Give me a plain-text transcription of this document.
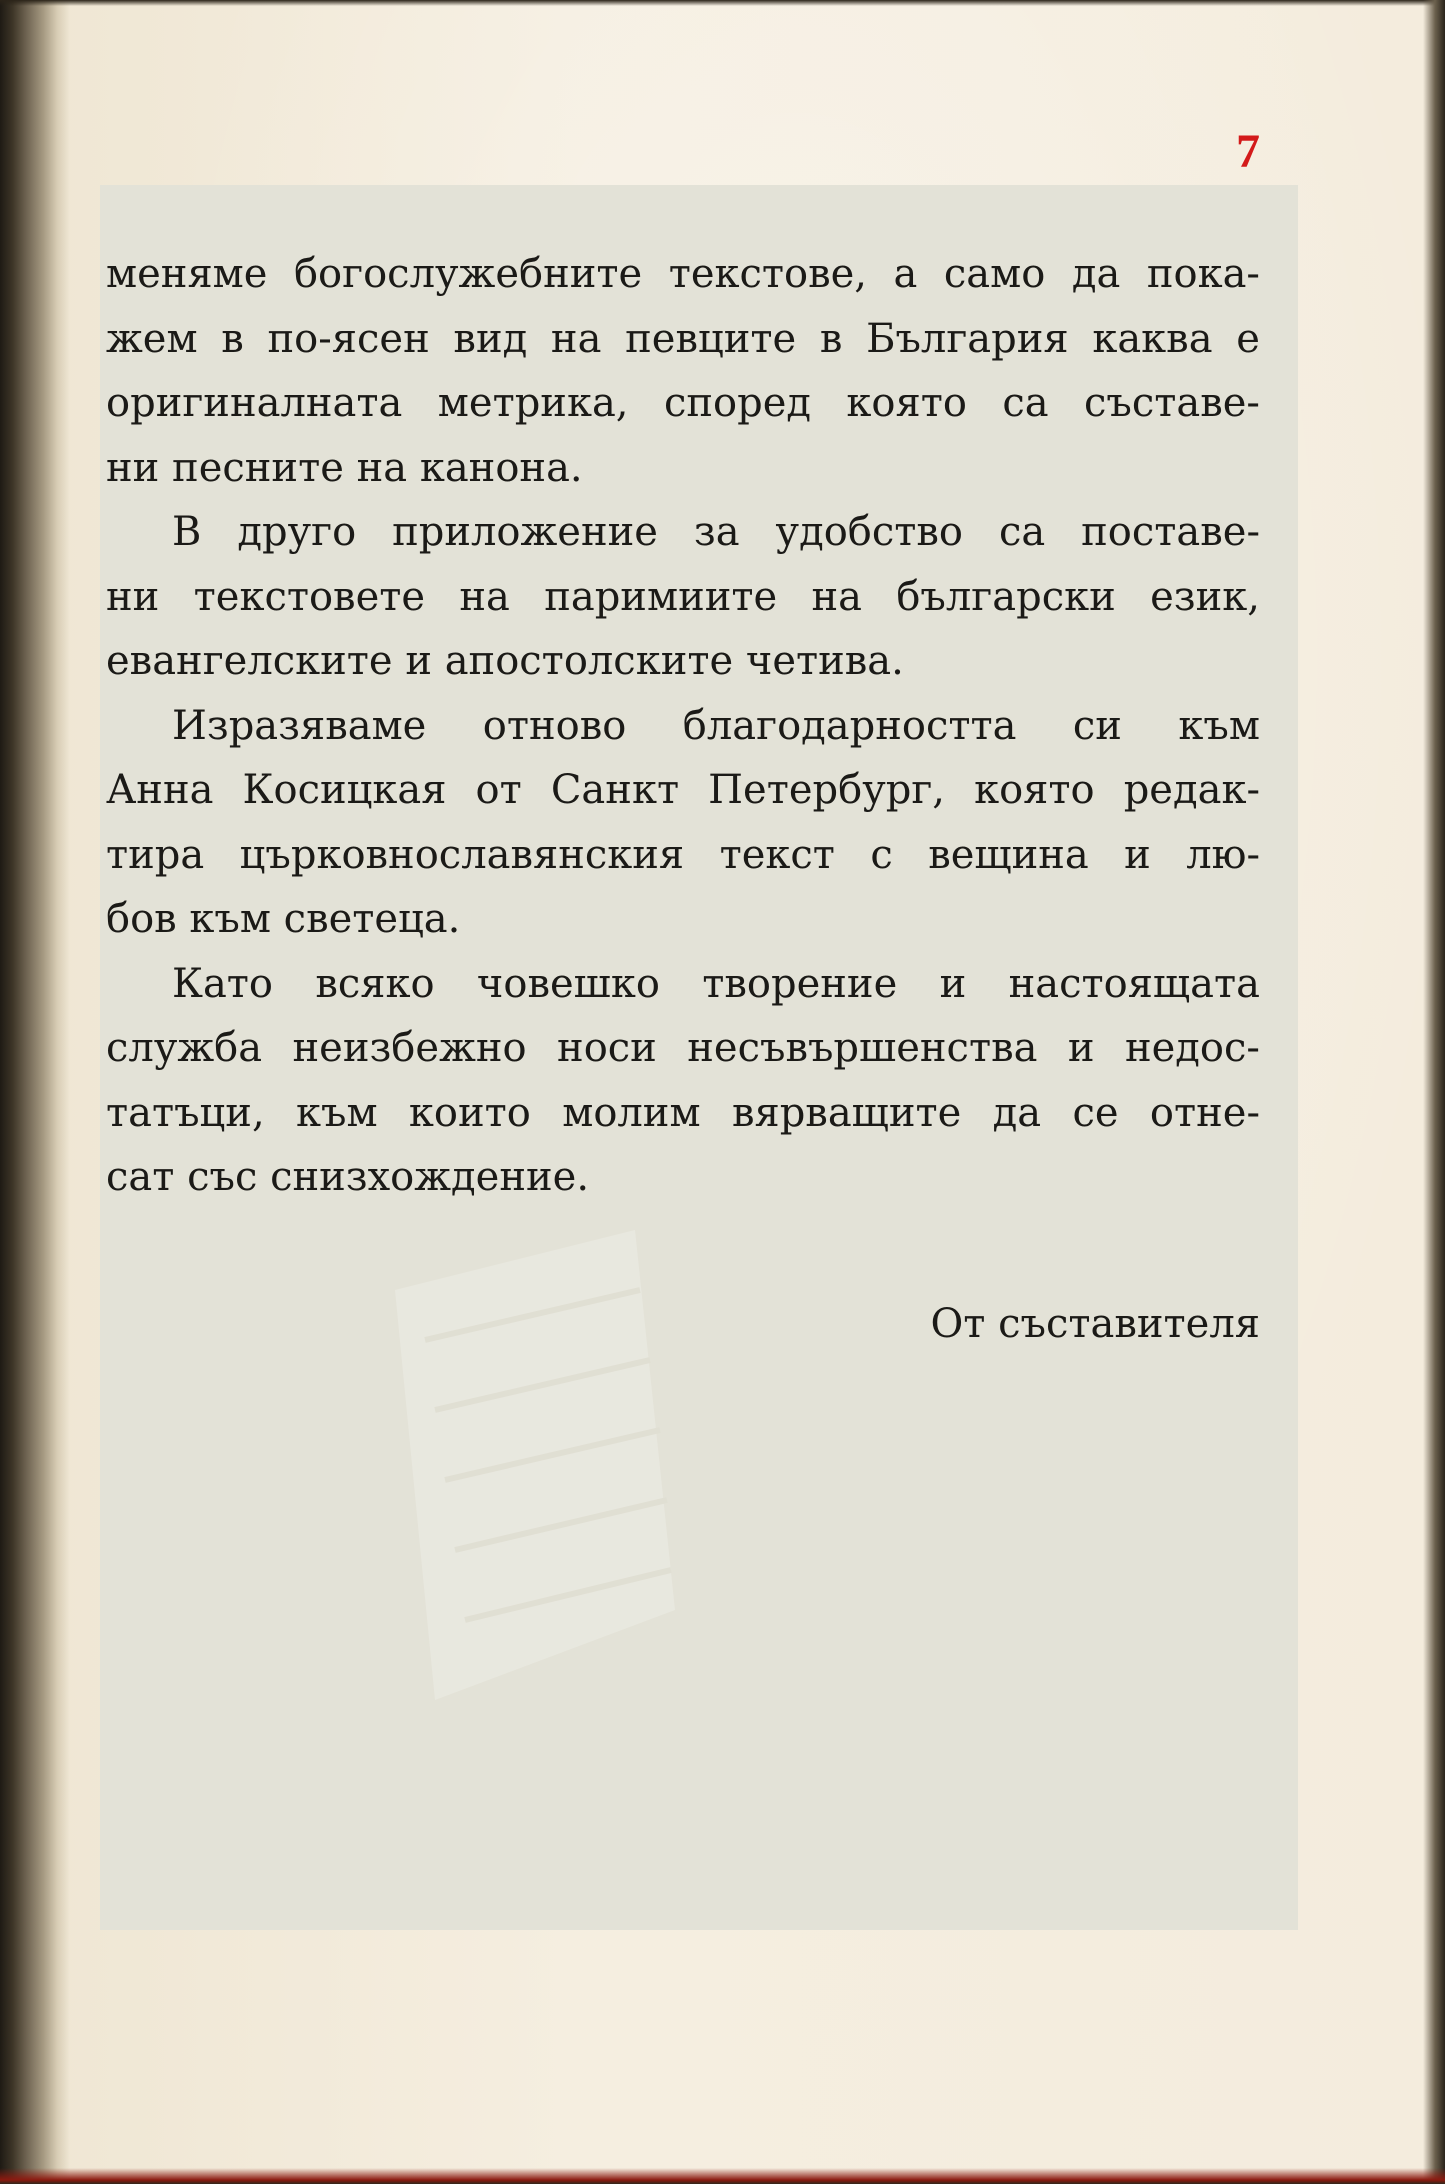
7
меняме богослужебните текстове, а само да пока-
жем в по-ясен вид на певците в България каква е
оригиналната метрика, според която са съставе-
ни песните на канона.
В друго приложение за удобство са поставе-
ни текстовете на паримиите на български език,
евангелските и апостолските четива.
Изразяваме отново благодарността си към
Анна Косицкая от Санкт Петербург, която редак-
тира църковнославянския текст с вещина и лю-
бов към светеца.
Като всяко човешко творение и настоящата
служба неизбежно носи несъвършенства и недос-
татъци, към които молим вярващите да се отне-
сат със снизхождение.
От съставителя
